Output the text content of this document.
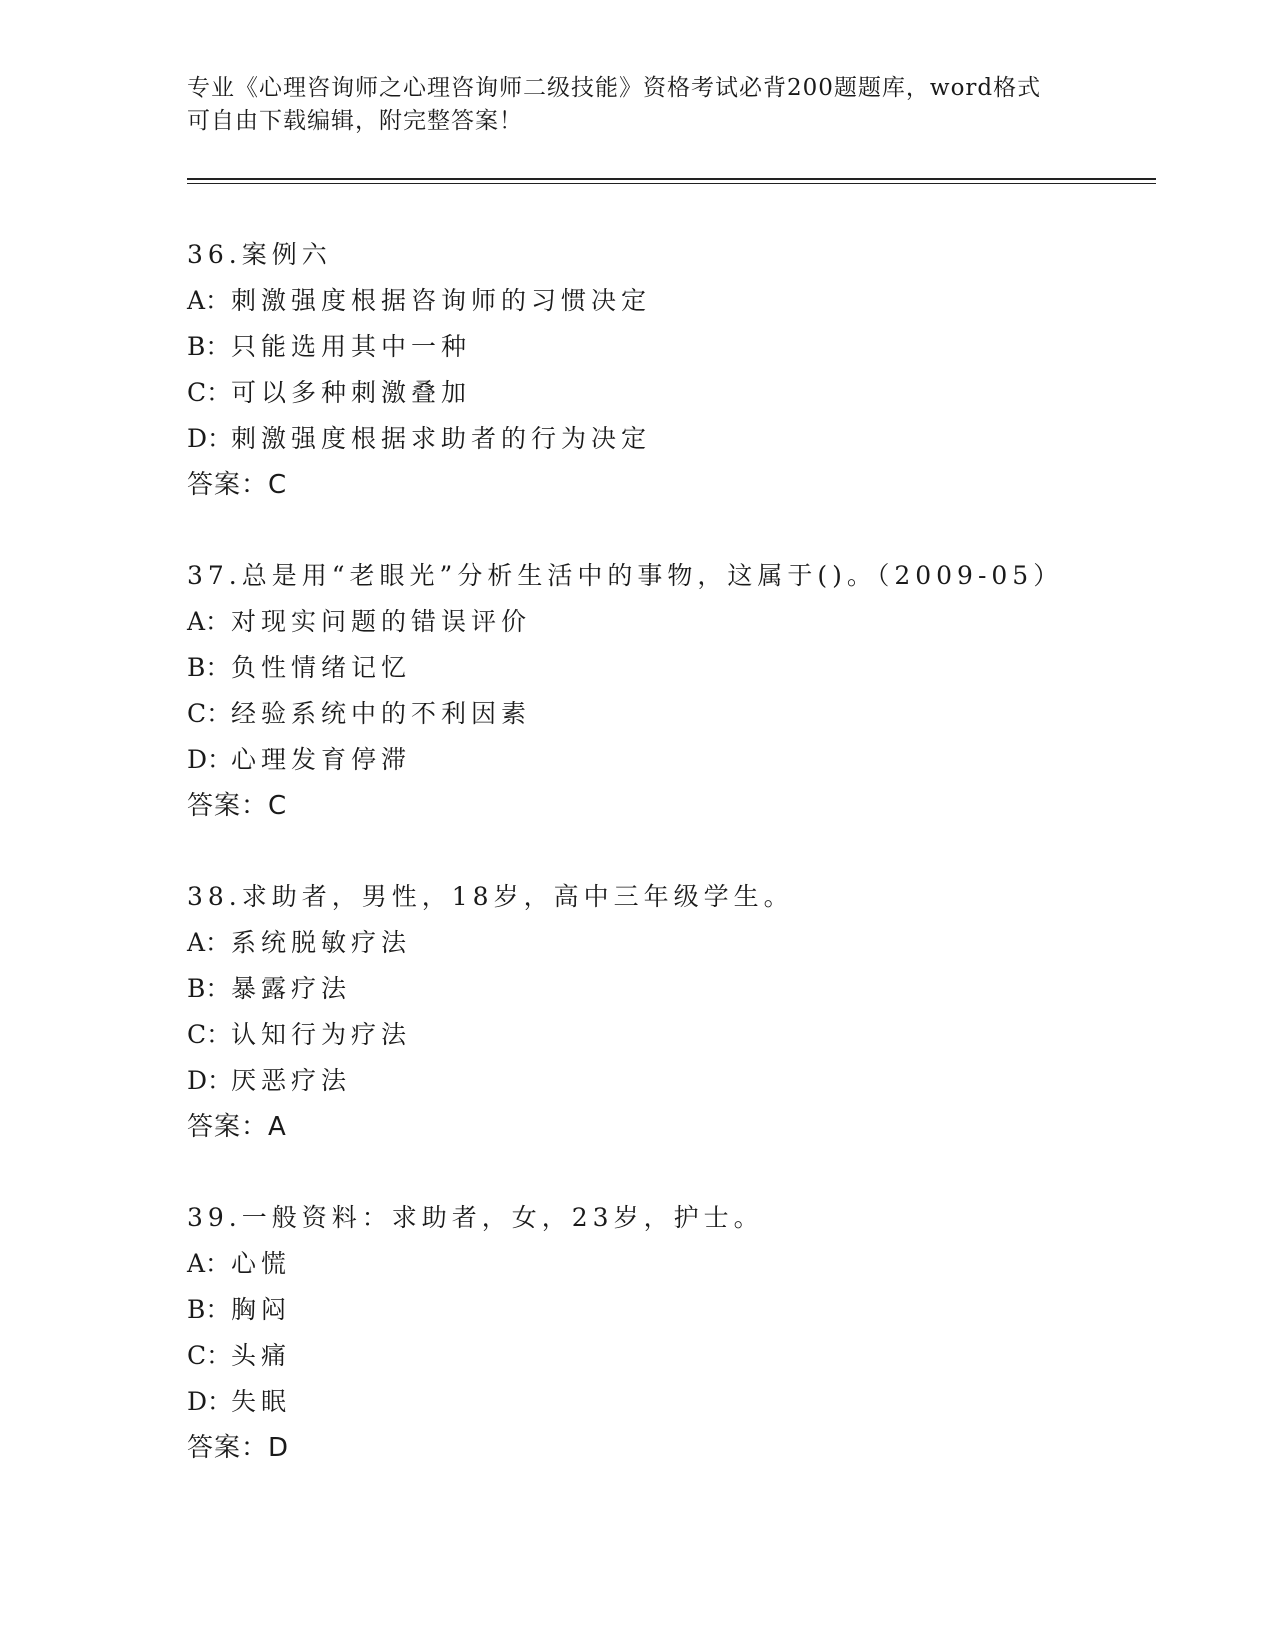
专业《心理咨询师之心理咨询师二级技能》资格考试必背200题题库，word格式
可自由下载编辑，附完整答案！
36.案例六
A：刺激强度根据咨询师的习惯决定
B：只能选用其中一种
C：可以多种刺激叠加
D：刺激强度根据求助者的行为决定
答案：C
37.总是用“老眼光”分析生活中的事物，这属于()。（2009-05）
A：对现实问题的错误评价
B：负性情绪记忆
C：经验系统中的不利因素
D：心理发育停滞
答案：C
38.求助者，男性，18岁，高中三年级学生。
A：系统脱敏疗法
B：暴露疗法
C：认知行为疗法
D：厌恶疗法
答案：A
39.一般资料：求助者，女，23岁，护士。
A：心慌
B：胸闷
C：头痛
D：失眠
答案：D
